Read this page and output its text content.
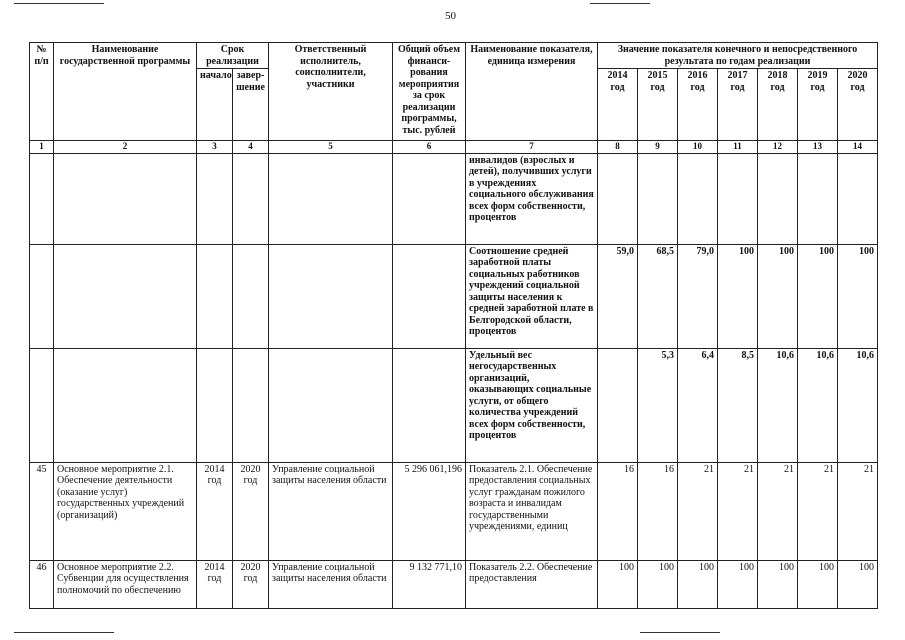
50
№ п/п	Наименование государственной программы	Срок реализации		Ответственный исполнитель, соисполнители, участники	Общий объем финанси-рования мероприятия за срок реализации программы, тыс. рублей	Наименование показателя, единица измерения	Значение показателя конечного и непосредственного результата по годам реализации						
		начало	завер-шение				2014 год	2015 год	2016 год	2017 год	2018 год	2019 год	2020 год
1	2	3	4	5	6	7	8	9	10	11	12	13	14
						инвалидов (взрослых и детей), получивших услуги в учреждениях социального обслуживания всех форм собственности, процентов							
						Соотношение средней заработной платы социальных работников учреждений социальной защиты населения к средней заработной плате в Белгородской области, процентов	59,0	68,5	79,0	100	100	100	100
						Удельный вес негосударственных организаций, оказывающих социальные услуги, от общего количества учреждений всех форм собственности, процентов		5,3	6,4	8,5	10,6	10,6	10,6
45	Основное мероприятие 2.1. Обеспечение деятельности (оказание услуг) государственных учреждений (организаций)	2014 год	2020 год	Управление социальной защиты населения области	5 296 061,196	Показатель 2.1. Обеспечение предоставления социальных услуг гражданам пожилого возраста и инвалидам государственными учреждениями, единиц	16	16	21	21	21	21	21
46	Основное мероприятие 2.2. Субвенции для осуществления полномочий по обеспечению	2014 год	2020 год	Управление социальной защиты населения области	9 132 771,10	Показатель 2.2. Обеспечение предоставления	100	100	100	100	100	100	100
